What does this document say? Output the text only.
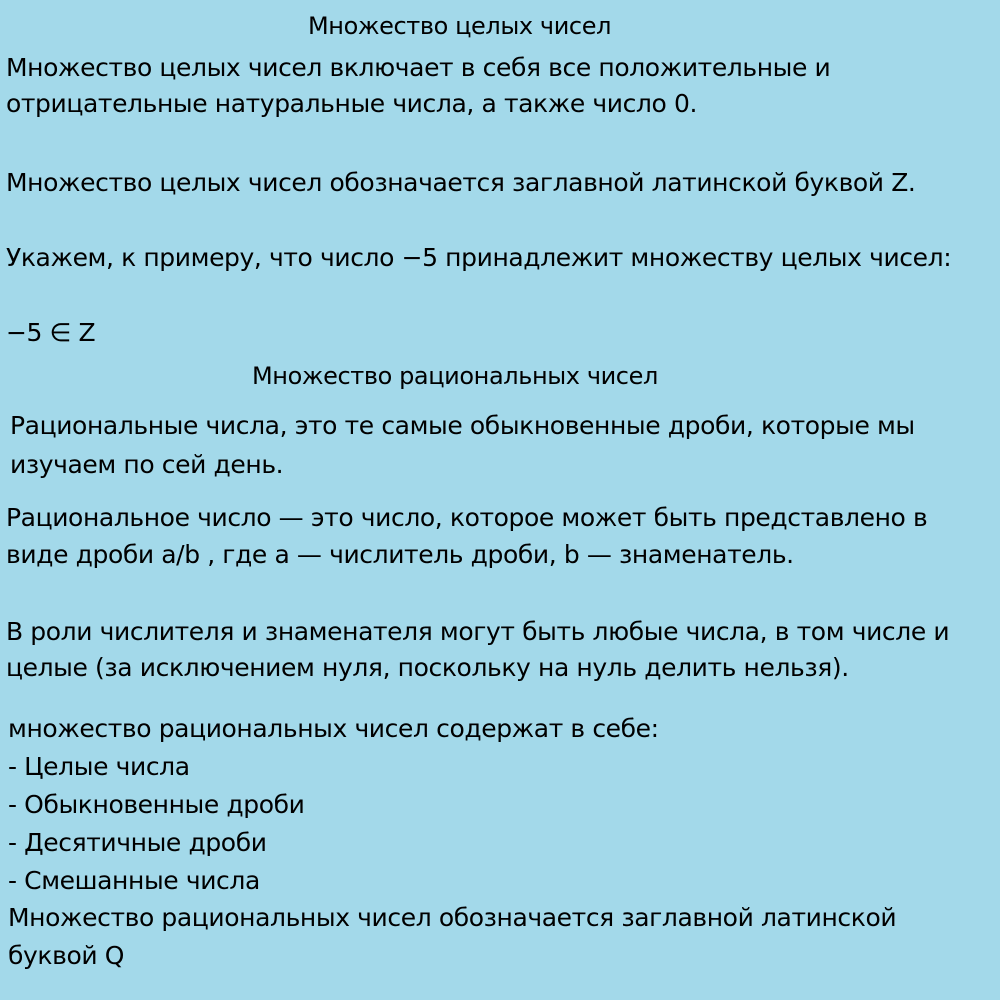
Множество целых чисел
Множество целых чисел включает в себя все положительные и
отрицательные натуральные числа, а также число 0.
Множество целых чисел обозначается заглавной латинской буквой Z.
Укажем, к примеру, что число −5 принадлежит множеству целых чисел:
−5 ∈ Z
Множество рациональных чисел
Рациональные числа, это те самые обыкновенные дроби, которые мы
изучаем по сей день.
Рациональное число — это число, которое может быть представлено в
виде дроби a/b , где a — числитель дроби, b — знаменатель.
В роли числителя и знаменателя могут быть любые числа, в том числе и
целые (за исключением нуля, поскольку на нуль делить нельзя).
множество рациональных чисел содержат в себе:
- Целые числа
- Обыкновенные дроби
- Десятичные дроби
- Смешанные числа
Множество рациональных чисел обозначается заглавной латинской
буквой Q
